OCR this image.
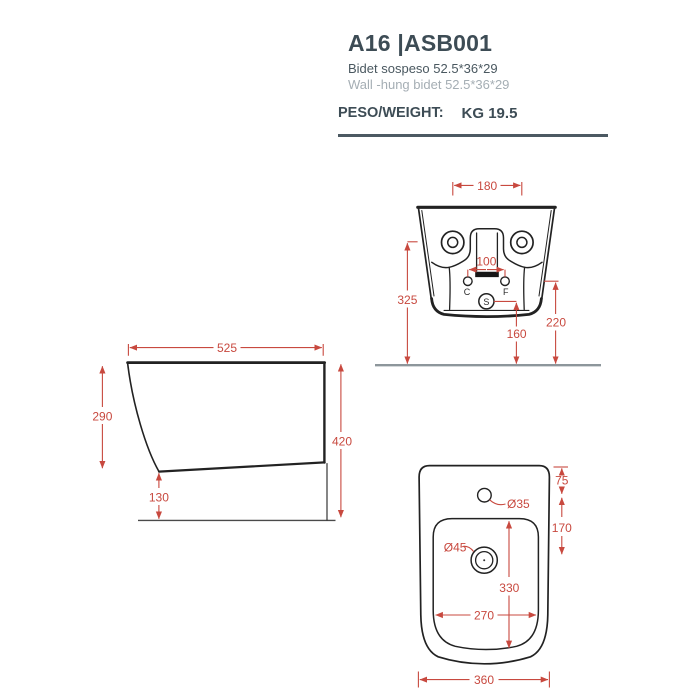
A16 |ASB001
Bidet sospeso 52.5*36*29
Wall -hung bidet 52.5*36*29
PESO/WEIGHT: KG 19.5
C	F
S
180
100
325
220
160
525
290
420
130	Ø35
Ø45
75
170
330
270
360
